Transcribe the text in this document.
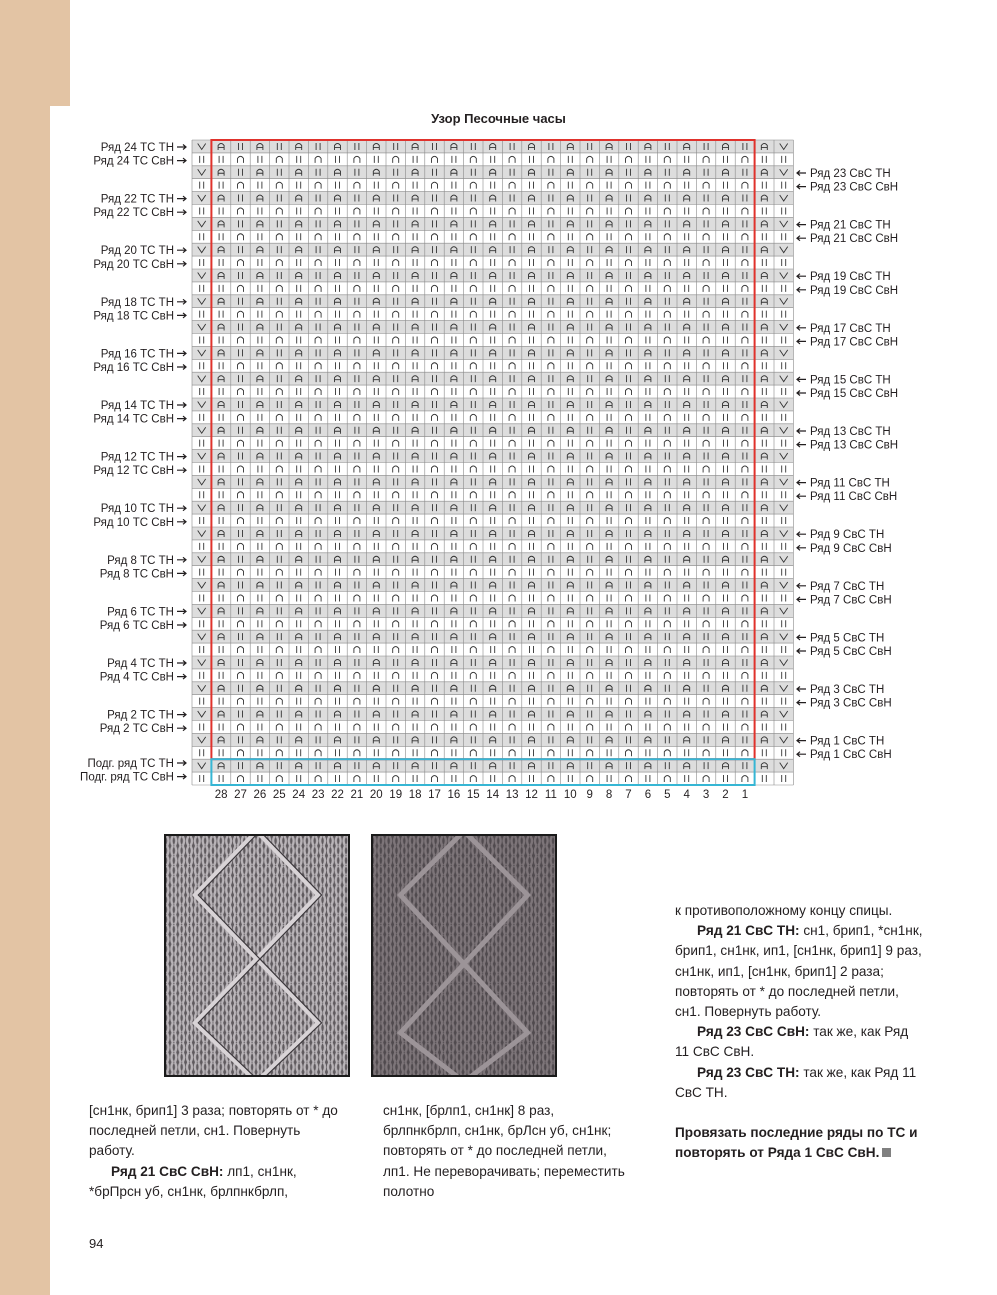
Узор Песочные часы
Ряд 24 ТС ТН
Ряд 24 ТС СвН
Ряд 22 ТС ТН
Ряд 22 ТС СвН
Ряд 20 ТС ТН
Ряд 20 ТС СвН
Ряд 18 ТС ТН
Ряд 18 ТС СвН
Ряд 16 ТС ТН
Ряд 16 ТС СвН
Ряд 14 ТС ТН
Ряд 14 ТС СвН
Ряд 12 ТС ТН
Ряд 12 ТС СвН
Ряд 10 ТС ТН
Ряд 10 ТС СвН
Ряд 8 ТС ТН
Ряд 8 ТС СвН
Ряд 6 ТС ТН
Ряд 6 ТС СвН
Ряд 4 ТС ТН
Ряд 4 ТС СвН
Ряд 2 ТС ТН
Ряд 2 ТС СвН
Подг. ряд ТС ТН
Подг. ряд ТС СвН
Ряд 23 СвС ТН
Ряд 23 СвС СвН
Ряд 21 СвС ТН
Ряд 21 СвС СвН
Ряд 19 СвС ТН
Ряд 19 СвС СвН
Ряд 17 СвС ТН
Ряд 17 СвС СвН
Ряд 15 СвС ТН
Ряд 15 СвС СвН
Ряд 13 СвС ТН
Ряд 13 СвС СвН
Ряд 11 СвС ТН
Ряд 11 СвС СвН
Ряд 9 СвС ТН
Ряд 9 СвС СвН
Ряд 7 СвС ТН
Ряд 7 СвС СвН
Ряд 5 СвС ТН
Ряд 5 СвС СвН
Ряд 3 СвС ТН
Ряд 3 СвС СвН
Ряд 1 СвС ТН
Ряд 1 СвС СвН
28 27 26 25 24 23 22 21 20 19 18 17 16 15 14 13 12 11 10 9 8 7 6 5 4 3 2 1

[сн1нк, брип1] 3 раза; повторять от * до последней петли, сн1. Повернуть работу.

Ряд 21 СвС СвН: лп1, сн1нк, *брПрсн уб, сн1нк, брлпнкбрлп,

сн1нк, [брлп1, сн1нк] 8 раз, брлпнкбрлп, сн1нк, брЛсн уб, сн1нк; повторять от * до последней петли, лп1. Не переворачивать; переместить полотно

к противоположному концу спицы.

Ряд 21 СвС ТН: сн1, брип1, *сн1нк, брип1, сн1нк, ип1, [сн1нк, брип1] 9 раз, сн1нк, ип1, [сн1нк, брип1] 2 раза; повторять от * до последней петли, сн1. Повернуть работу.

Ряд 23 СвС СвН: так же, как Ряд 11 СвС СвН.

Ряд 23 СвС ТН: так же, как Ряд 11 СвС ТН.

Провязать последние ряды по ТС и повторять от Ряда 1 СвС СвН.

94
